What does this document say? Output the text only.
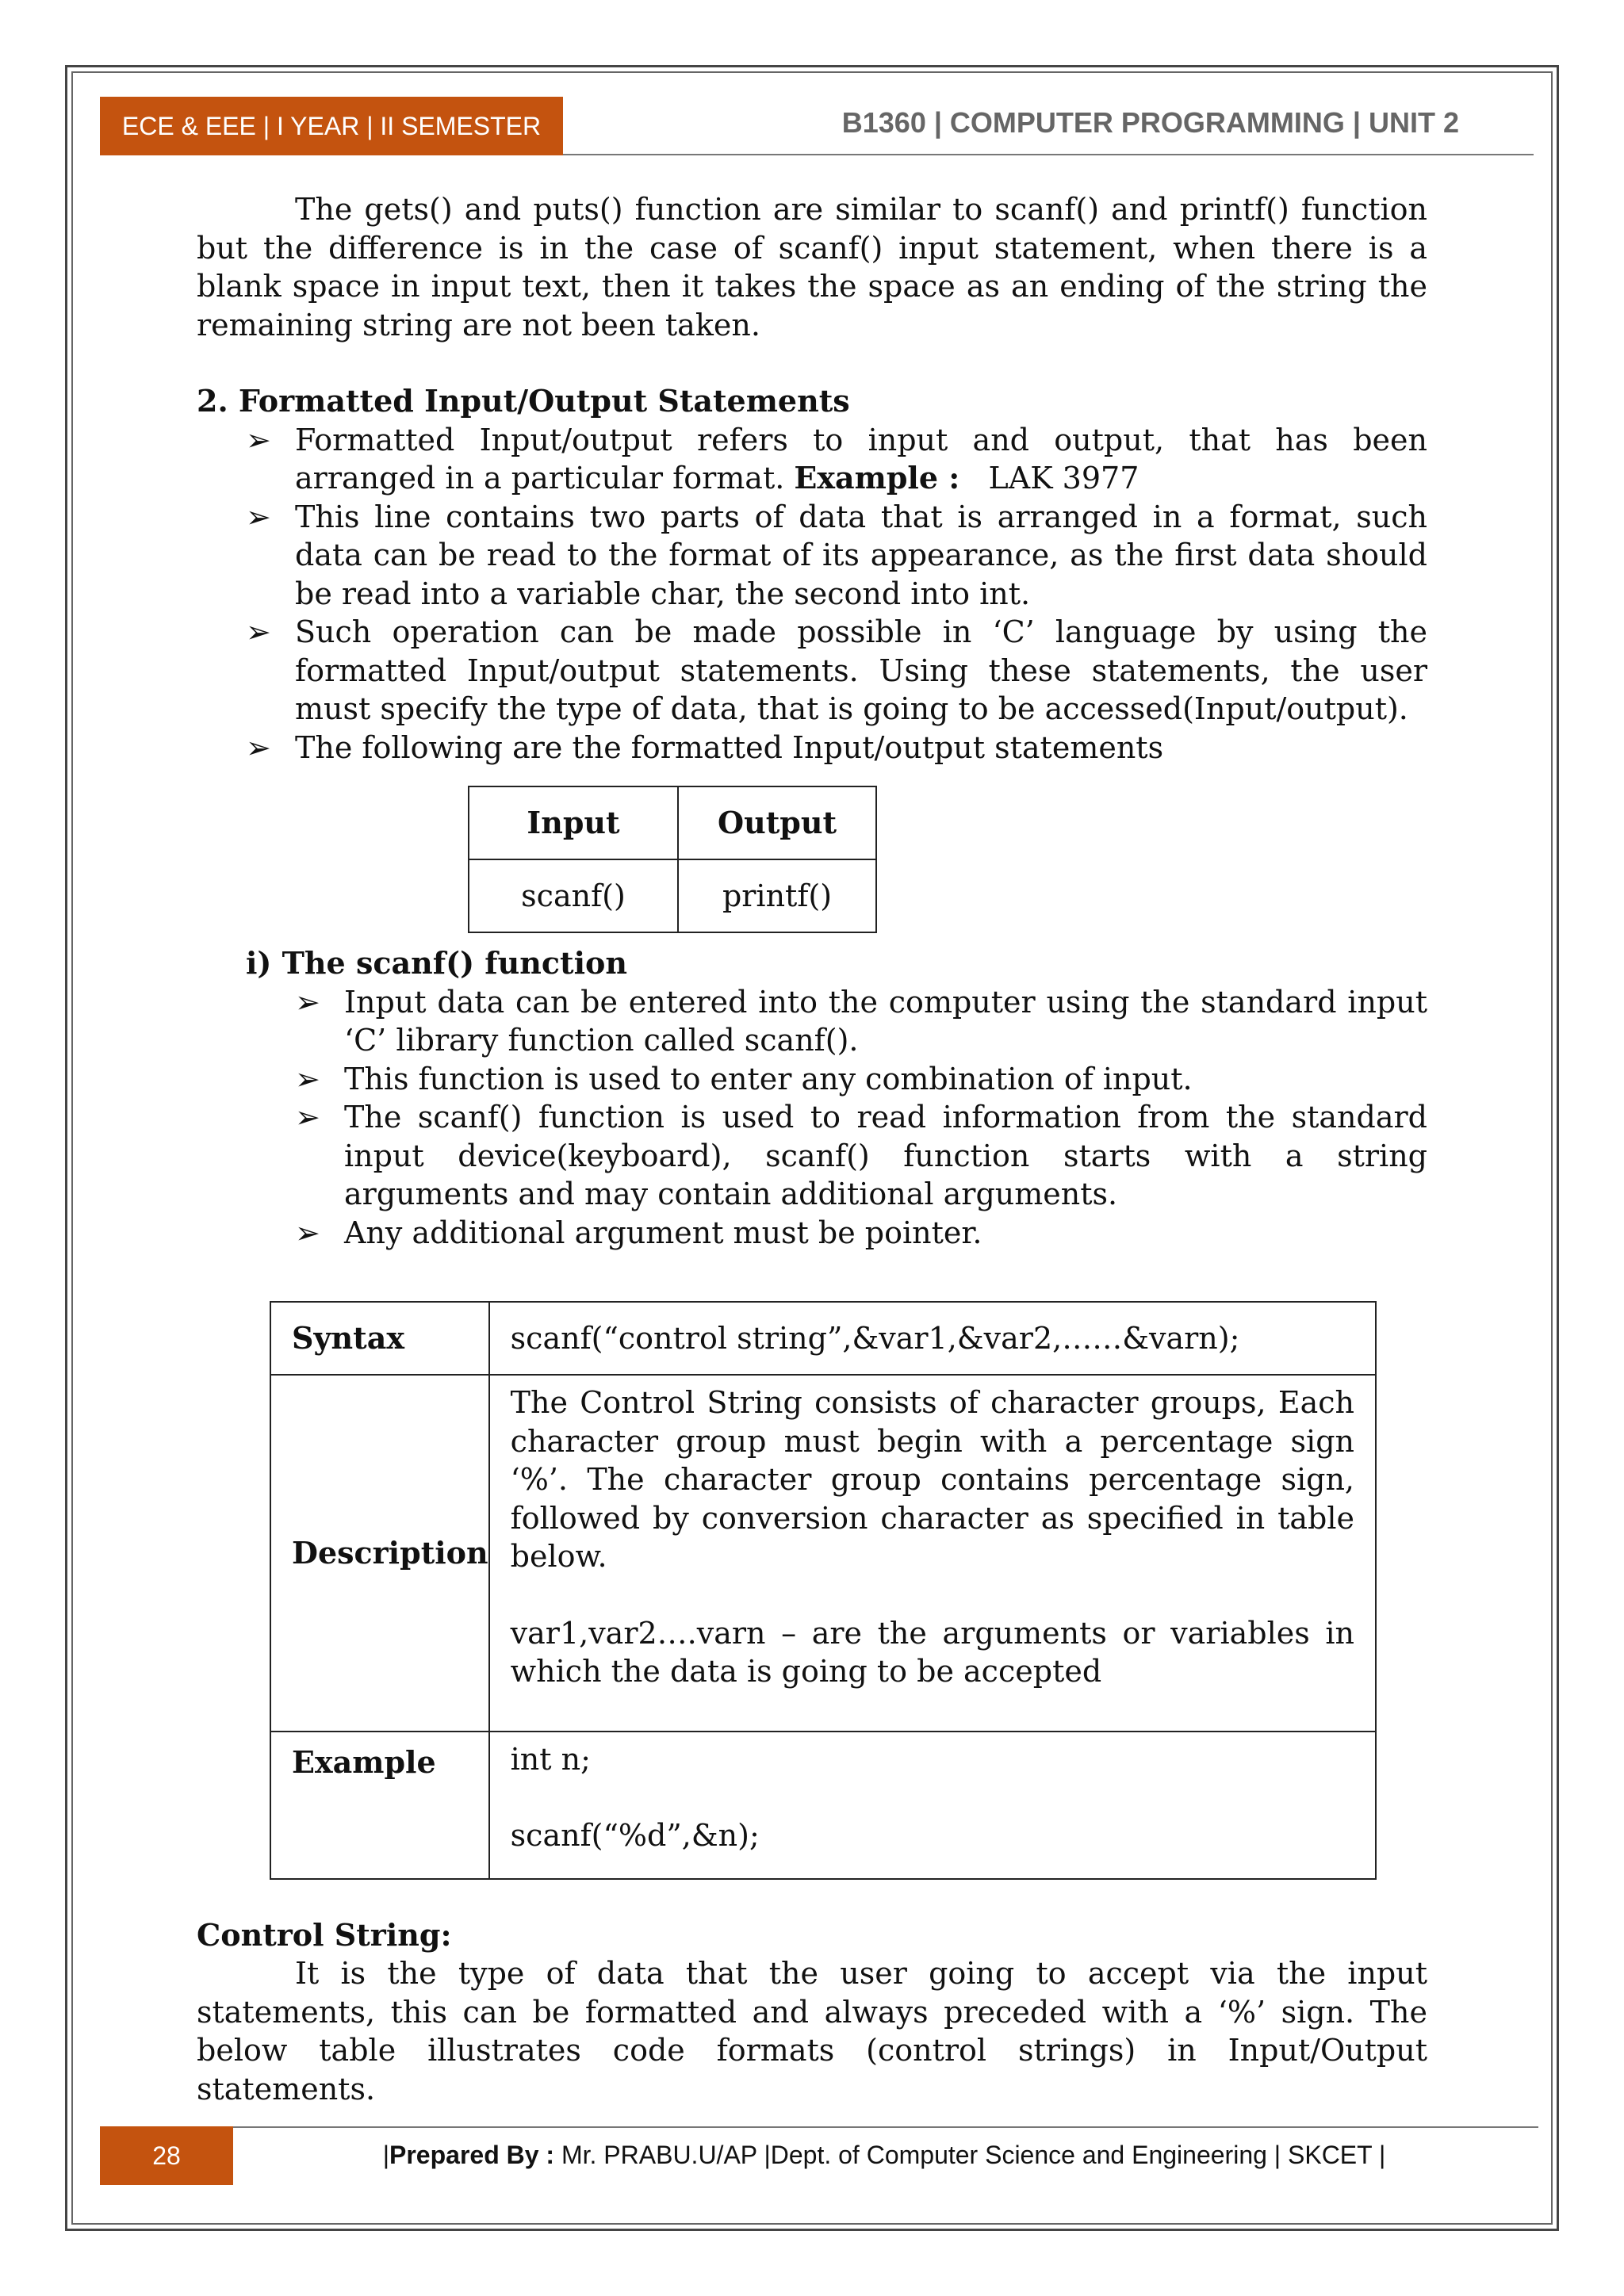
ECE & EEE | I YEAR | II SEMESTER	B1360 | COMPUTER PROGRAMMING | UNIT 2

The gets() and puts() function are similar to scanf() and printf() function but the difference is in the case of scanf() input statement, when there is a blank space in input text, then it takes the space as an ending of the string the remaining string are not been taken.

2. Formatted Input/Output Statements
➢ Formatted Input/output refers to input and output, that has been arranged in a particular format. Example : LAK 3977
➢ This line contains two parts of data that is arranged in a format, such data can be read to the format of its appearance, as the first data should be read into a variable char, the second into int.
➢ Such operation can be made possible in ‘C’ language by using the formatted Input/output statements. Using these statements, the user must specify the type of data, that is going to be accessed(Input/output).
➢ The following are the formatted Input/output statements
Input	Output
scanf()	printf()
i) The scanf() function
➢ Input data can be entered into the computer using the standard input ‘C’ library function called scanf().
➢ This function is used to enter any combination of input.
➢ The scanf() function is used to read information from the standard input device(keyboard), scanf() function starts with a string arguments and may contain additional arguments.
➢ Any additional argument must be pointer.
Syntax	scanf(“control string”,&var1,&var2,……&varn);
Description	The Control String consists of character groups, Each character group must begin with a percentage sign ‘%’. The character group contains percentage sign, followed by conversion character as specified in table below.

var1,var2….varn – are the arguments or variables in which the data is going to be accepted

Example	int n;
scanf(“%d”,&n);
Control String:

It is the type of data that the user going to accept via the input statements, this can be formatted and always preceded with a ‘%’ sign. The below table illustrates code formats (control strings) in Input/Output statements.

28	|Prepared By : Mr. PRABU.U/AP |Dept. of Computer Science and Engineering | SKCET |
